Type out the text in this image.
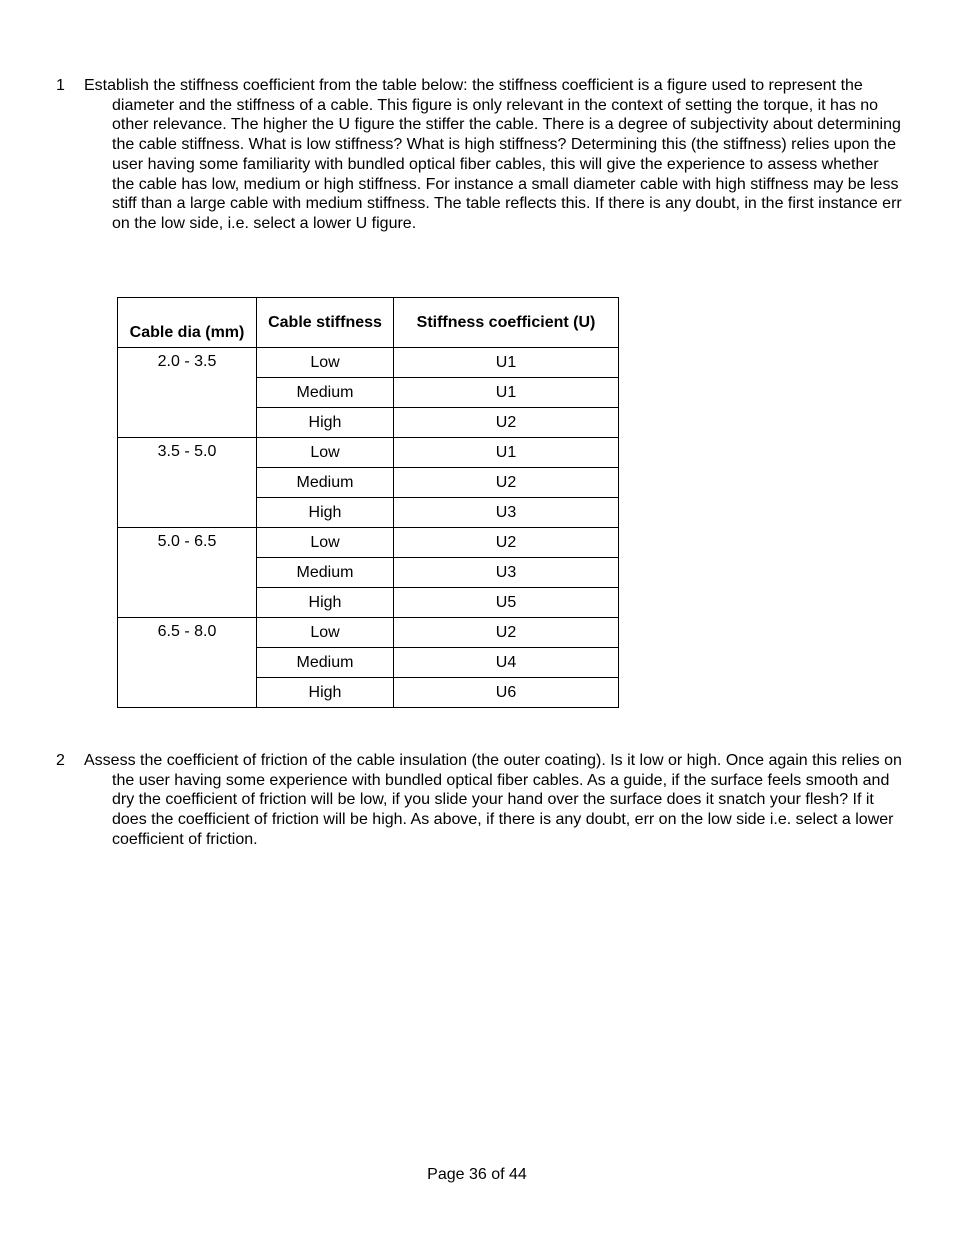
1	Establish the stiffness coefficient from the table below: the stiffness coefficient is a figure used to represent the diameter and the stiffness of a cable. This figure is only relevant in the context of setting the torque, it has no other relevance. The higher the U figure the stiffer the cable. There is a degree of subjectivity about determining the cable stiffness. What is low stiffness? What is high stiffness? Determining this (the stiffness) relies upon the user having some familiarity with bundled optical fiber cables, this will give the experience to assess whether the cable has low, medium or high stiffness. For instance a small diameter cable with high stiffness may be less stiff than a large cable with medium stiffness. The table reflects this. If there is any doubt, in the first instance err on the low side, i.e. select a lower U figure.
Cable dia (mm)	Cable stiffness	Stiffness coefficient (U)
2.0 - 3.5	Low	U1
	Medium	U1
	High	U2
3.5 - 5.0	Low	U1
	Medium	U2
	High	U3
5.0 - 6.5	Low	U2
	Medium	U3
	High	U5
6.5 - 8.0	Low	U2
	Medium	U4
	High	U6
2	Assess the coefficient of friction of the cable insulation (the outer coating). Is it low or high. Once again this relies on the user having some experience with bundled optical fiber cables. As a guide, if the surface feels smooth and dry the coefficient of friction will be low, if you slide your hand over the surface does it snatch your flesh? If it does the coefficient of friction will be high. As above, if there is any doubt, err on the low side i.e. select a lower coefficient of friction.
Page 36 of 44
